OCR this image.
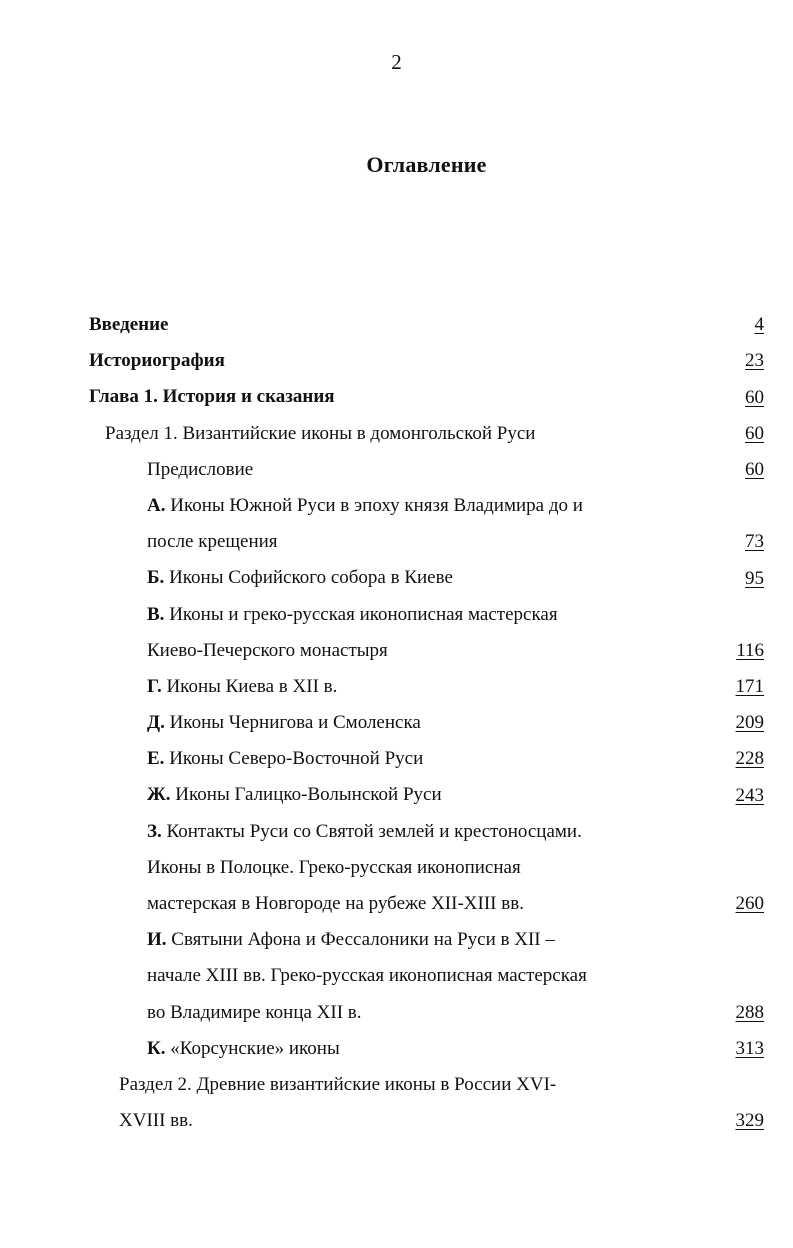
2
Оглавление
Введение	4
Историография	23
Глава 1. История и сказания	60
Раздел 1. Византийские иконы в домонгольской Руси	60
Предисловие	60
А. Иконы Южной Руси в эпоху князя Владимира до и
после крещения	73
Б. Иконы Софийского собора в Киеве	95
В. Иконы и греко-русская иконописная мастерская
Киево-Печерского монастыря	116
Г. Иконы Киева в XII в.	171
Д. Иконы Чернигова и Смоленска	209
Е. Иконы Северо-Восточной Руси	228
Ж. Иконы Галицко-Волынской Руси	243
З. Контакты Руси со Святой землей и крестоносцами.
Иконы в Полоцке. Греко-русская иконописная
мастерская в Новгороде на рубеже XII-XIII вв.	260
И. Святыни Афона и Фессалоники на Руси в XII –
начале XIII вв. Греко-русская иконописная мастерская
во Владимире конца XII в.	288
К. «Корсунские» иконы	313
Раздел 2. Древние византийские иконы в России XVI-
XVIII вв.	329
